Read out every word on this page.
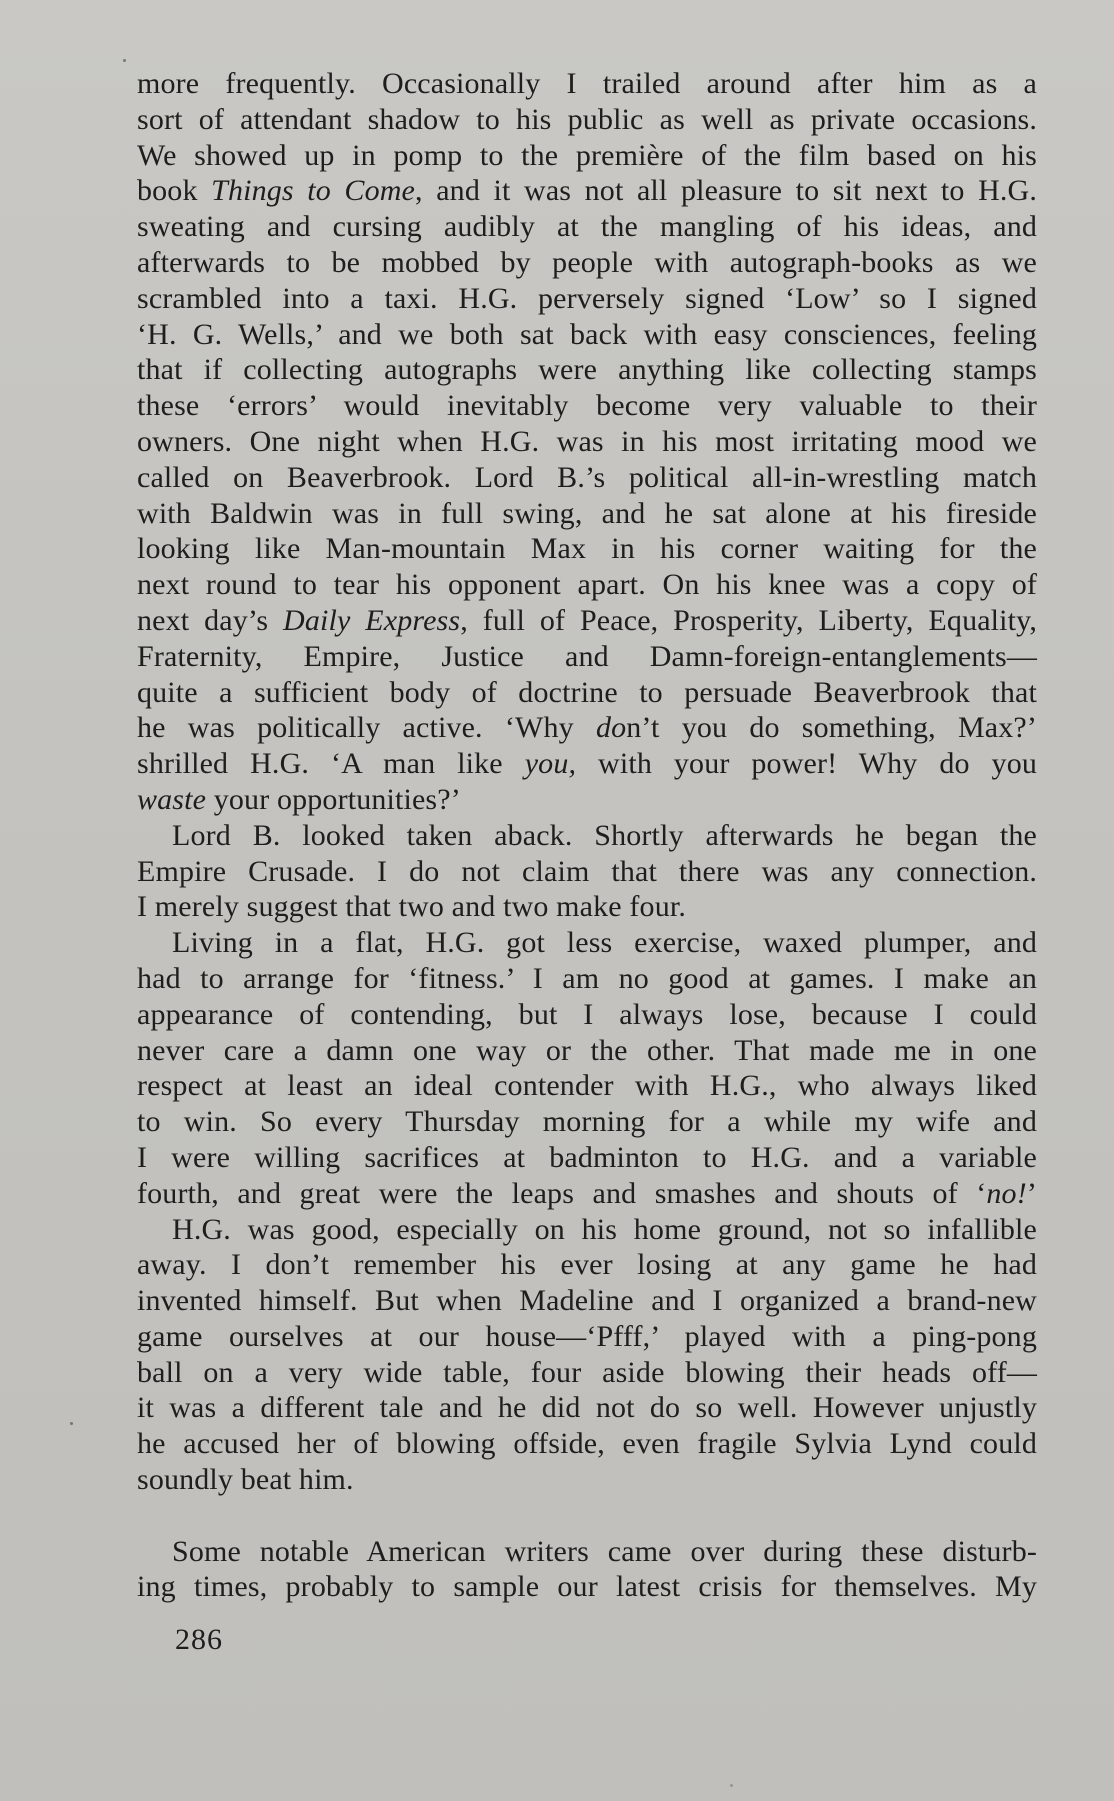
more frequently. Occasionally I trailed around after him as a
sort of attendant shadow to his public as well as private occasions.
We showed up in pomp to the première of the film based on his
book Things to Come, and it was not all pleasure to sit next to H.G.
sweating and cursing audibly at the mangling of his ideas, and
afterwards to be mobbed by people with autograph-books as we
scrambled into a taxi. H.G. perversely signed ‘Low’ so I signed
‘H. G. Wells,’ and we both sat back with easy consciences, feeling
that if collecting autographs were anything like collecting stamps
these ‘errors’ would inevitably become very valuable to their
owners. One night when H.G. was in his most irritating mood we
called on Beaverbrook. Lord B.’s political all-in-wrestling match
with Baldwin was in full swing, and he sat alone at his fireside
looking like Man-mountain Max in his corner waiting for the
next round to tear his opponent apart. On his knee was a copy of
next day’s Daily Express, full of Peace, Prosperity, Liberty, Equality,
Fraternity, Empire, Justice and Damn-foreign-entanglements—
quite a sufficient body of doctrine to persuade Beaverbrook that
he was politically active. ‘Why don’t you do something, Max?’
shrilled H.G. ‘A man like you, with your power! Why do you
waste your opportunities?’
Lord B. looked taken aback. Shortly afterwards he began the
Empire Crusade. I do not claim that there was any connection.
I merely suggest that two and two make four.
Living in a flat, H.G. got less exercise, waxed plumper, and
had to arrange for ‘fitness.’ I am no good at games. I make an
appearance of contending, but I always lose, because I could
never care a damn one way or the other. That made me in one
respect at least an ideal contender with H.G., who always liked
to win. So every Thursday morning for a while my wife and
I were willing sacrifices at badminton to H.G. and a variable
fourth, and great were the leaps and smashes and shouts of ‘no!’
H.G. was good, especially on his home ground, not so infallible
away. I don’t remember his ever losing at any game he had
invented himself. But when Madeline and I organized a brand-new
game ourselves at our house—‘Pfff,’ played with a ping-pong
ball on a very wide table, four aside blowing their heads off—
it was a different tale and he did not do so well. However unjustly
he accused her of blowing offside, even fragile Sylvia Lynd could
soundly beat him.
Some notable American writers came over during these disturb-
ing times, probably to sample our latest crisis for themselves. My
286
